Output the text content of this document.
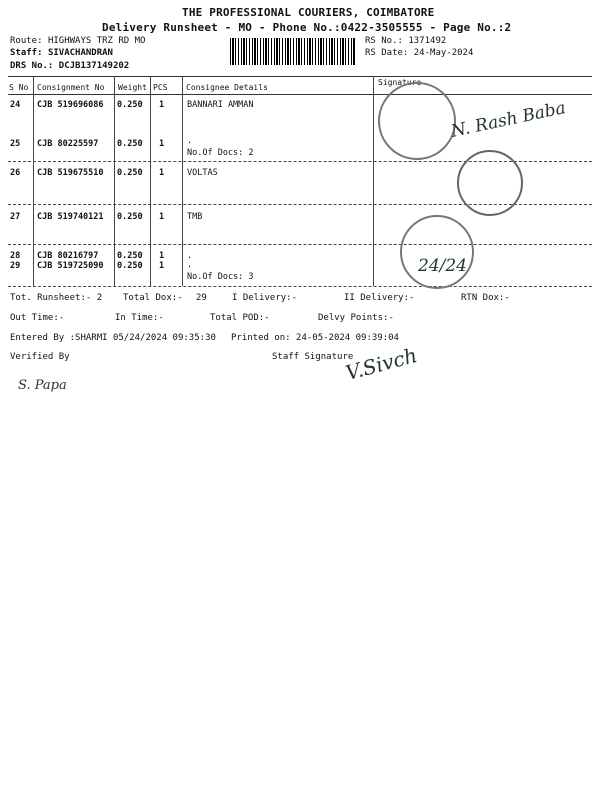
THE PROFESSIONAL COURIERS, COIMBATORE
Delivery Runsheet - MO - Phone No.:0422-3505555 - Page No.:2
Route: HIGHWAYS TRZ RD MO
Staff: SIVACHANDRAN
DRS No.: DCJB137149202
RS No.: 1371492
RS Date: 24-May-2024
S No Consignment No Weight PCS Consignee Details
Signature
24 CJB 519696086 0.250 1	BANNARI AMMAN
25 CJB 80225597 0.250 1	.
No.Of Docs: 2
26 CJB 519675510 0.250 1	VOLTAS
27 CJB 519740121 0.250 1	TMB
28 CJB 80216797 0.250 1	.
29 CJB 519725090 0.250 1	.
No.Of Docs: 3
N. Rash Baba
24/24
Tot. Runsheet:- 2 Total Dox:- 29	I Delivery:-	II Delivery:-	RTN Dox:-
Out Time:-	In Time:-	Total POD:-	Delvy Points:-
Entered By :SHARMI 05/24/2024 09:35:30 Printed on: 24-05-2024 09:39:04
Verified By	Staff Signature
V.Sivch
S. Papa
